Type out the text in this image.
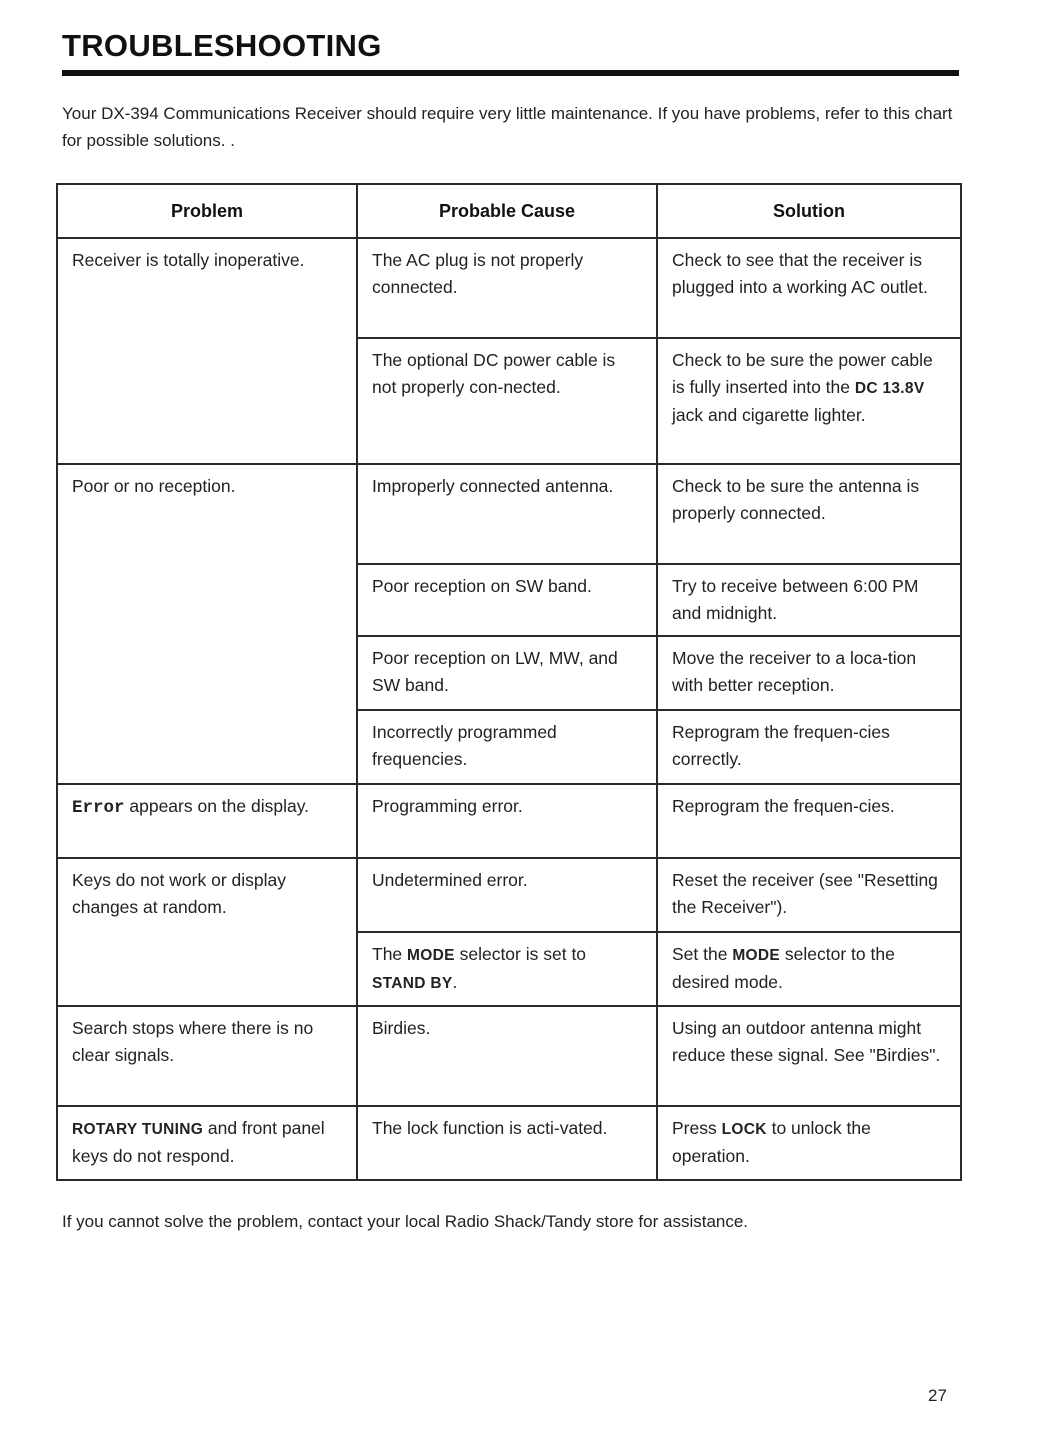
TROUBLESHOOTING
Your DX-394 Communications Receiver should require very little maintenance. If you have problems, refer to this chart for possible solutions. .
Problem	Probable Cause	Solution
Receiver is totally inoperative.	The AC plug is not properly connected.	Check to see that the receiver is plugged into a working AC outlet.
	The optional DC power cable is not properly con-nected.	Check to be sure the power cable is fully inserted into the DC 13.8V jack and cigarette lighter.
Poor or no reception.	Improperly connected antenna.	Check to be sure the antenna is properly connected.
	Poor reception on SW band.	Try to receive between 6:00 PM and midnight.
	Poor reception on LW, MW, and SW band.	Move the receiver to a loca-tion with better reception.
	Incorrectly programmed frequencies.	Reprogram the frequen-cies correctly.
Error appears on the display.	Programming error.	Reprogram the frequen-cies.
Keys do not work or display changes at random.	Undetermined error.	Reset the receiver (see "Resetting the Receiver").
	The MODE selector is set to STAND BY.	Set the MODE selector to the desired mode.
Search stops where there is no clear signals.	Birdies.	Using an outdoor antenna might reduce these signal. See "Birdies".
ROTARY TUNING and front panel keys do not respond.	The lock function is acti-vated.	Press LOCK to unlock the operation.
If you cannot solve the problem, contact your local Radio Shack/Tandy store for assistance.
27
